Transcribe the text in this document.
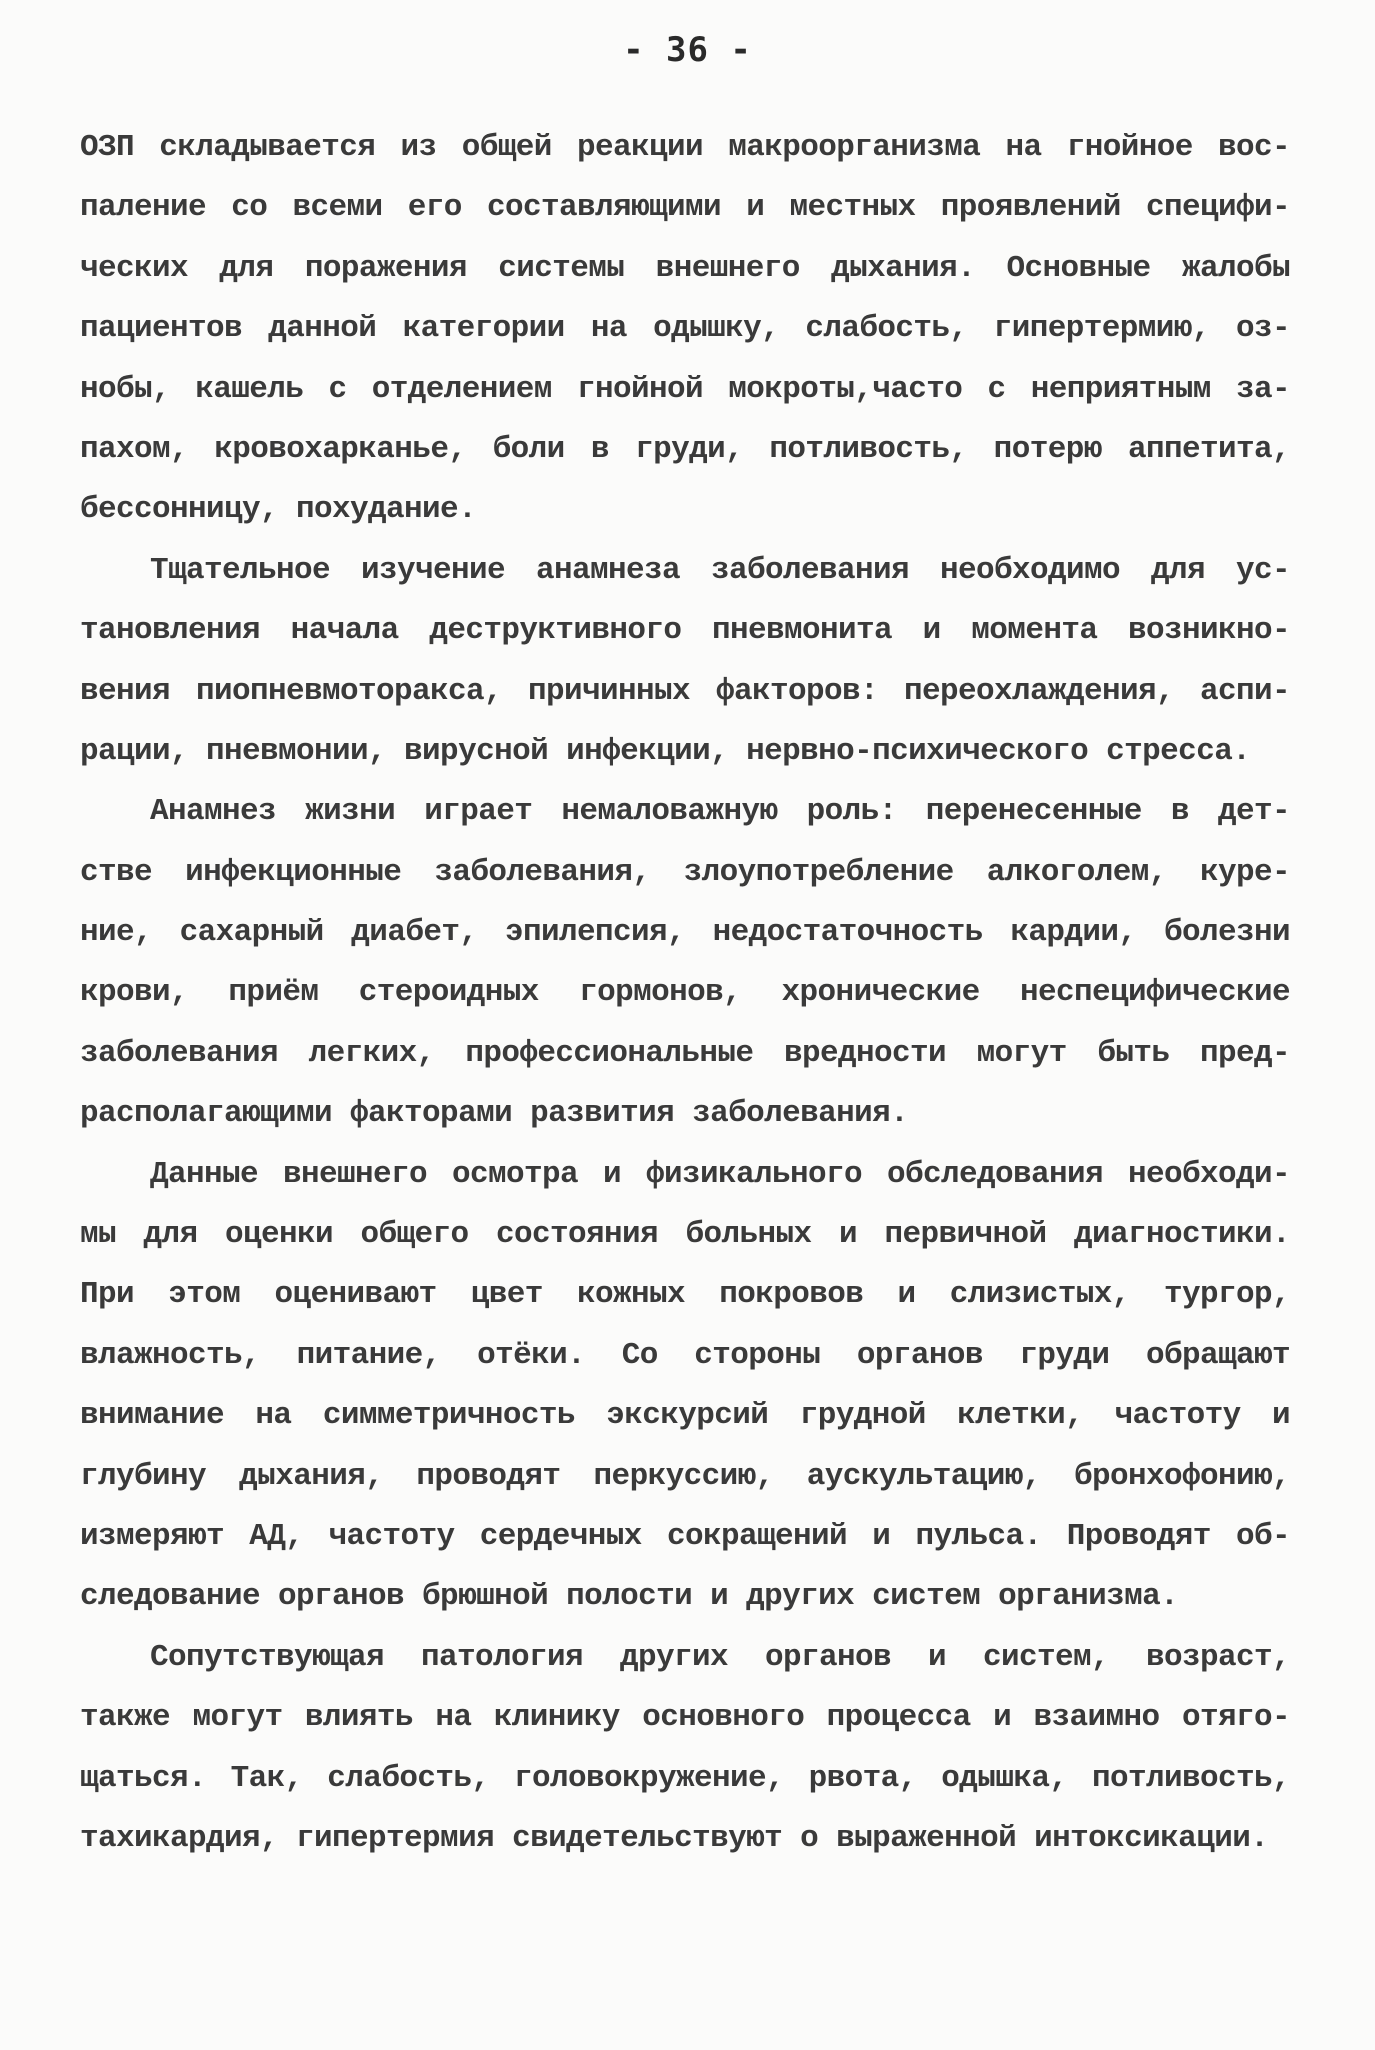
- 36 -
ОЗП складывается из общей реакции макроорганизма на гнойное вос-
паление со всеми его составляющими и местных проявлений специфи-
ческих для поражения системы внешнего дыхания. Основные жалобы
пациентов данной категории на одышку, слабость, гипертермию, оз-
нобы, кашель с отделением гнойной мокроты,часто с неприятным за-
пахом, кровохарканье, боли в груди, потливость, потерю аппетита,
бессонницу, похудание.
Тщательное изучение анамнеза заболевания необходимо для ус-
тановления начала деструктивного пневмонита и момента возникно-
вения пиопневмоторакса, причинных факторов: переохлаждения, аспи-
рации, пневмонии, вирусной инфекции, нервно-психического стресса.
Анамнез жизни играет немаловажную роль: перенесенные в дет-
стве инфекционные заболевания, злоупотребление алкоголем, куре-
ние, сахарный диабет, эпилепсия, недостаточность кардии, болезни
крови, приём стероидных гормонов, хронические неспецифические
заболевания легких, профессиональные вредности могут быть пред-
располагающими факторами развития заболевания.
Данные внешнего осмотра и физикального обследования необходи-
мы для оценки общего состояния больных и первичной диагностики.
При этом оценивают цвет кожных покровов и слизистых, тургор,
влажность, питание, отёки. Со стороны органов груди обращают
внимание на симметричность экскурсий грудной клетки, частоту и
глубину дыхания, проводят перкуссию, аускультацию, бронхофонию,
измеряют АД, частоту сердечных сокращений и пульса. Проводят об-
следование органов брюшной полости и других систем организма.
Сопутствующая патология других органов и систем, возраст,
также могут влиять на клинику основного процесса и взаимно отяго-
щаться. Так, слабость, головокружение, рвота, одышка, потливость,
тахикардия, гипертермия свидетельствуют о выраженной интоксикации.
